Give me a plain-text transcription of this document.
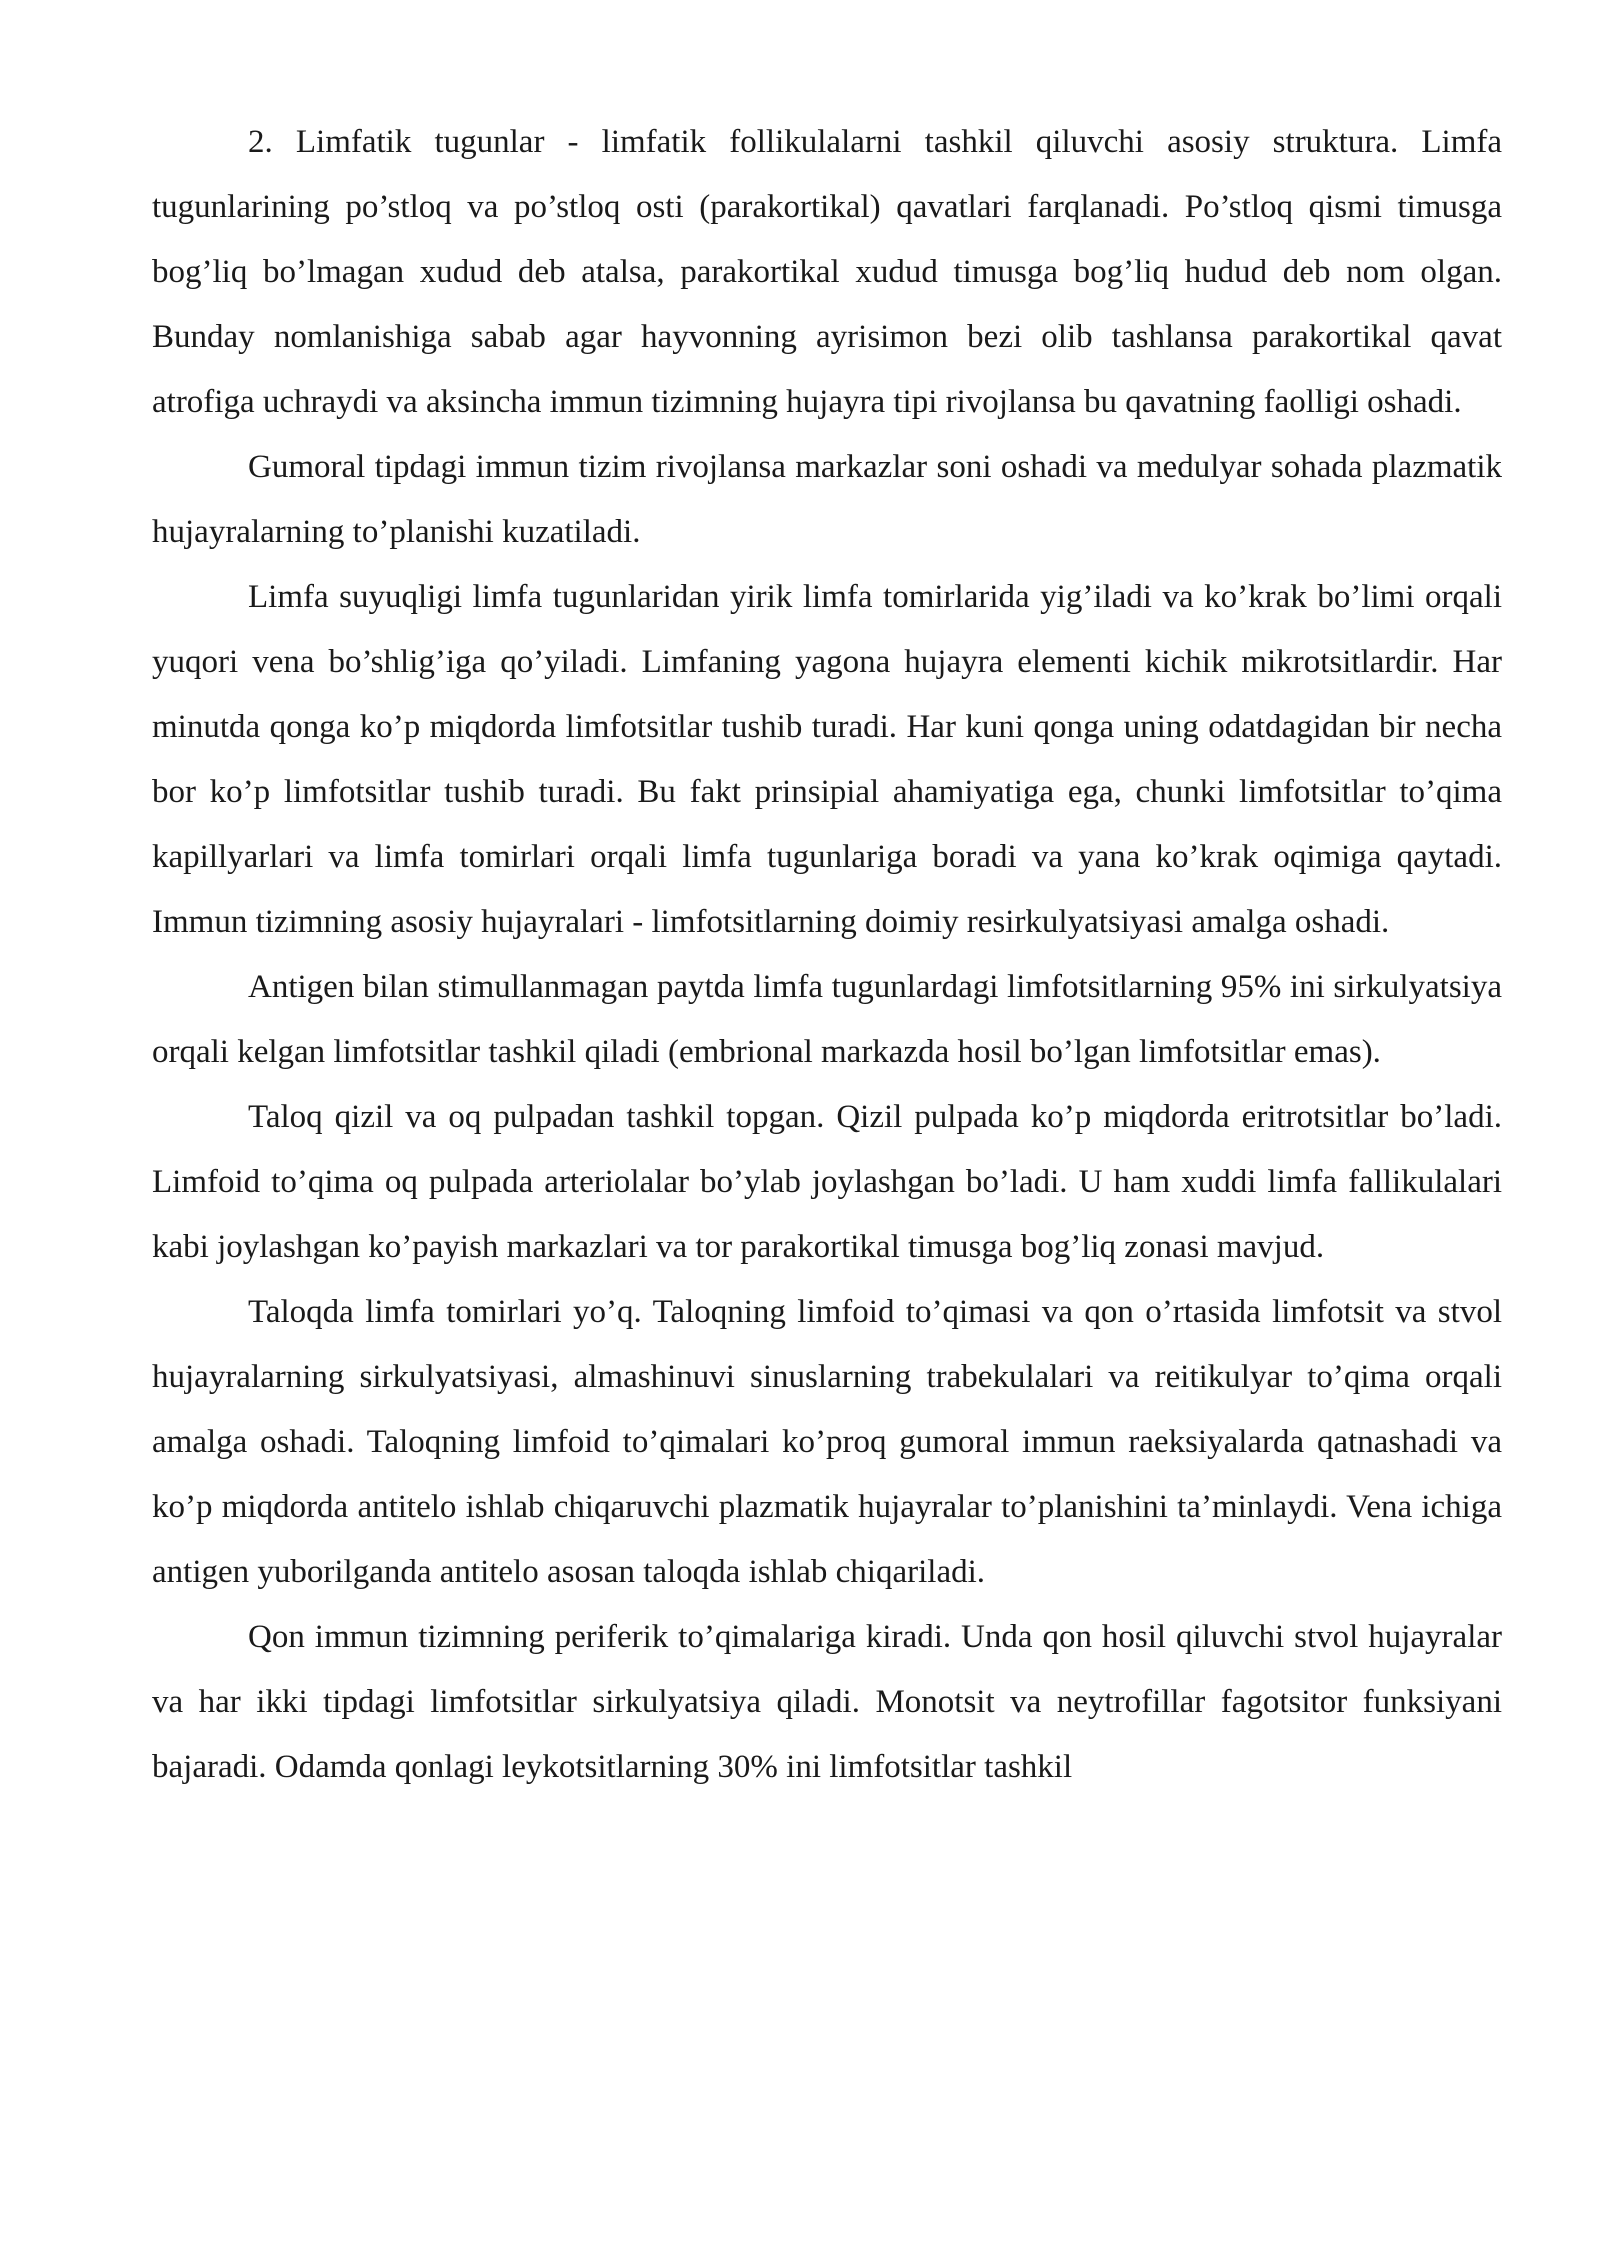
2. Limfatik tugunlar - limfatik follikulalarni tashkil qiluvchi asosiy struktura. Limfa tugunlarining po’stloq va po’stloq osti (parakortikal) qavatlari farqlanadi. Po’stloq qismi timusga bog’liq bo’lmagan xudud deb atalsa, parakortikal xudud timusga bog’liq hudud deb nom olgan. Bunday nomlanishiga sabab agar hayvonning ayrisimon bezi olib tashlansa parakortikal qavat atrofiga uchraydi va aksincha immun tizimning hujayra tipi rivojlansa bu qavatning faolligi oshadi.

Gumoral tipdagi immun tizim rivojlansa markazlar soni oshadi va medulyar sohada plazmatik hujayralarning to’planishi kuzatiladi.

Limfa suyuqligi limfa tugunlaridan yirik limfa tomirlarida yig’iladi va ko’krak bo’limi orqali yuqori vena bo’shlig’iga qo’yiladi. Limfaning yagona hujayra elementi kichik mikrotsitlardir. Har minutda qonga ko’p miqdorda limfotsitlar tushib turadi. Har kuni qonga uning odatdagidan bir necha bor ko’p limfotsitlar tushib turadi. Bu fakt prinsipial ahamiyatiga ega, chunki limfotsitlar to’qima kapillyarlari va limfa tomirlari orqali limfa tugunlariga boradi va yana ko’krak oqimiga qaytadi. Immun tizimning asosiy hujayralari - limfotsitlarning doimiy resirkulyatsiyasi amalga oshadi.

Antigen bilan stimullanmagan paytda limfa tugunlardagi limfotsitlarning 95% ini sirkulyatsiya orqali kelgan limfotsitlar tashkil qiladi (embrional markazda hosil bo’lgan limfotsitlar emas).

Taloq qizil va oq pulpadan tashkil topgan. Qizil pulpada ko’p miqdorda eritrotsitlar bo’ladi. Limfoid to’qima oq pulpada arteriolalar bo’ylab joylashgan bo’ladi. U ham xuddi limfa fallikulalari kabi joylashgan ko’payish markazlari va tor parakortikal timusga bog’liq zonasi mavjud.

Taloqda limfa tomirlari yo’q. Taloqning limfoid to’qimasi va qon o’rtasida limfotsit va stvol hujayralarning sirkulyatsiyasi, almashinuvi sinuslarning trabekulalari va reitikulyar to’qima orqali amalga oshadi. Taloqning limfoid to’qimalari ko’proq gumoral immun raeksiyalarda qatnashadi va ko’p miqdorda antitelo ishlab chiqaruvchi plazmatik hujayralar to’planishini ta’minlaydi. Vena ichiga antigen yuborilganda antitelo asosan taloqda ishlab chiqariladi.

Qon immun tizimning periferik to’qimalariga kiradi. Unda qon hosil qiluvchi stvol hujayralar va har ikki tipdagi limfotsitlar sirkulyatsiya qiladi. Monotsit va neytrofillar fagotsitor funksiyani bajaradi. Odamda qonlagi leykotsitlarning 30% ini limfotsitlar tashkil
